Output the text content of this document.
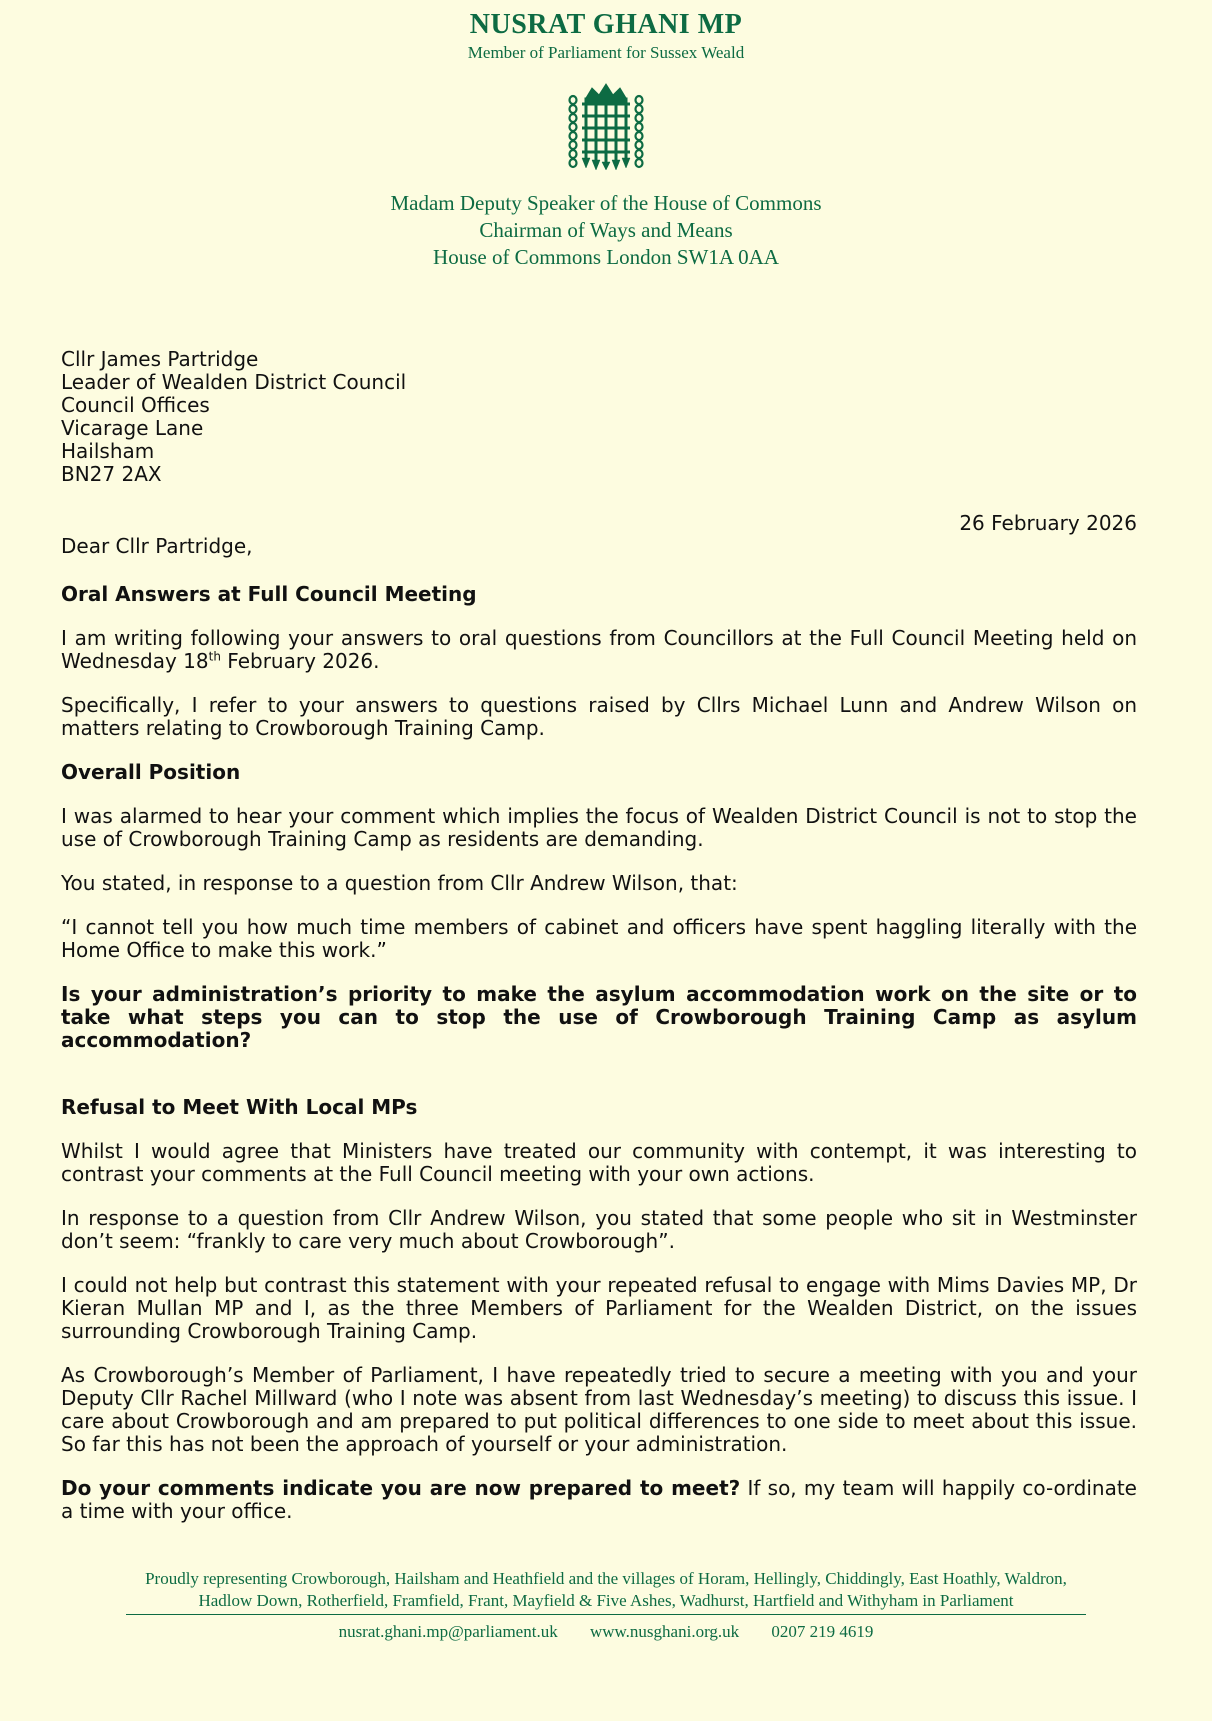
NUSRAT GHANI MP
Member of Parliament for Sussex Weald
Madam Deputy Speaker of the House of Commons
Chairman of Ways and Means
House of Commons London SW1A 0AA
Cllr James Partridge
Leader of Wealden District Council
Council Offices
Vicarage Lane
Hailsham
BN27 2AX
26 February 2026

Dear Cllr Partridge,

Oral Answers at Full Council Meeting

I am writing following your answers to oral questions from Councillors at the Full Council Meeting held on Wednesday 18th February 2026.

Specifically, I refer to your answers to questions raised by Cllrs Michael Lunn and Andrew Wilson on matters relating to Crowborough Training Camp.

Overall Position

I was alarmed to hear your comment which implies the focus of Wealden District Council is not to stop the use of Crowborough Training Camp as residents are demanding.

You stated, in response to a question from Cllr Andrew Wilson, that:

“I cannot tell you how much time members of cabinet and officers have spent haggling literally with the Home Office to make this work.”

Is your administration’s priority to make the asylum accommodation work on the site or to take what steps you can to stop the use of Crowborough Training Camp as asylum accommodation?

Refusal to Meet With Local MPs

Whilst I would agree that Ministers have treated our community with contempt, it was interesting to contrast your comments at the Full Council meeting with your own actions.

In response to a question from Cllr Andrew Wilson, you stated that some people who sit in Westminster don’t seem: “frankly to care very much about Crowborough”.

I could not help but contrast this statement with your repeated refusal to engage with Mims Davies MP, Dr Kieran Mullan MP and I, as the three Members of Parliament for the Wealden District, on the issues surrounding Crowborough Training Camp.

As Crowborough’s Member of Parliament, I have repeatedly tried to secure a meeting with you and your Deputy Cllr Rachel Millward (who I note was absent from last Wednesday’s meeting) to discuss this issue. I care about Crowborough and am prepared to put political differences to one side to meet about this issue. So far this has not been the approach of yourself or your administration.

Do your comments indicate you are now prepared to meet? If so, my team will happily co-ordinate a time with your office.

Proudly representing Crowborough, Hailsham and Heathfield and the villages of Horam, Hellingly, Chiddingly, East Hoathly, Waldron, Hadlow Down, Rotherfield, Framfield, Frant, Mayfield & Five Ashes, Wadhurst, Hartfield and Withyham in Parliament
nusrat.ghani.mp@parliament.uk www.nusghani.org.uk 0207 219 4619
